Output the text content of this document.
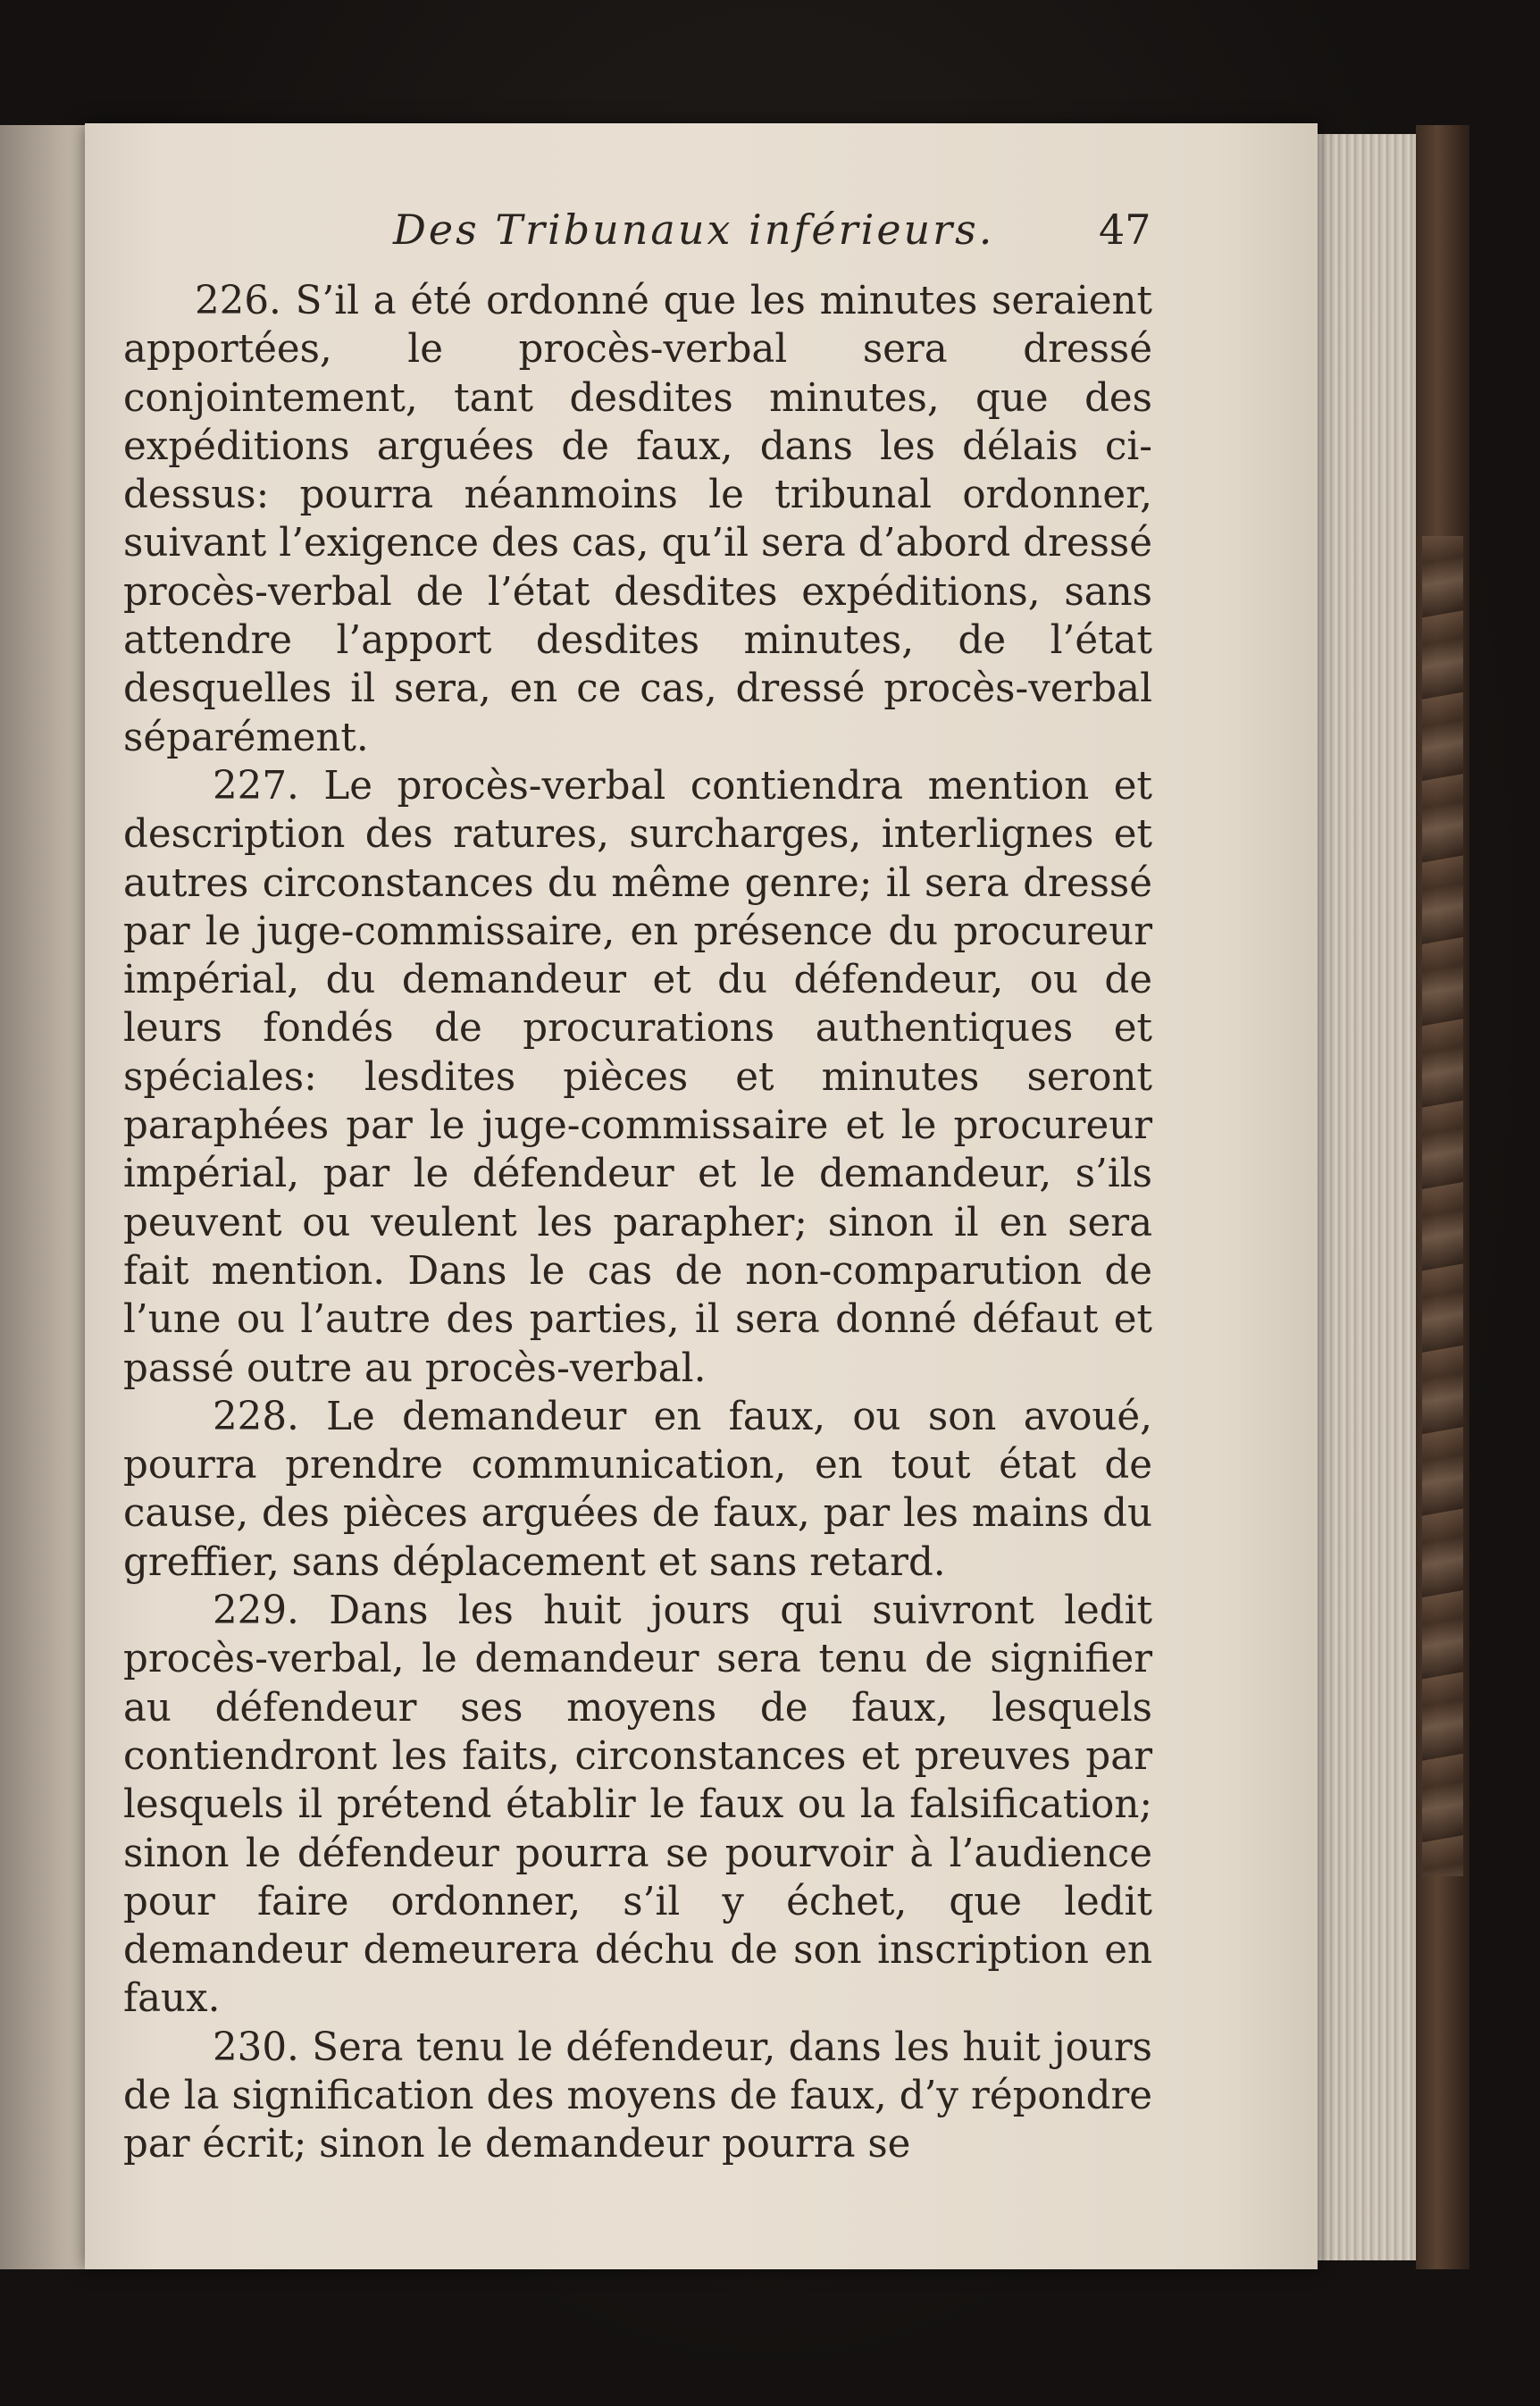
Des Tribunaux inférieurs.	47

226. S’il a été ordonné que les minutes seraient apportées, le procès-verbal sera dressé conjointement, tant desdites minutes, que des expéditions arguées de faux, dans les délais ci-dessus: pourra néanmoins le tribunal ordonner, suivant l’exigence des cas, qu’il sera d’abord dressé procès-verbal de l’état desdites expéditions, sans attendre l’apport desdites minutes, de l’état desquelles il sera, en ce cas, dressé procès-verbal séparément.

227. Le procès-verbal contiendra mention et description des ratures, surcharges, interlignes et autres circonstances du même genre; il sera dressé par le juge-commissaire, en présence du procureur impérial, du demandeur et du défendeur, ou de leurs fondés de procurations authentiques et spéciales: lesdites pièces et minutes seront paraphées par le juge-commissaire et le procureur impérial, par le défendeur et le demandeur, s’ils peuvent ou veulent les parapher; sinon il en sera fait mention. Dans le cas de non-comparution de l’une ou l’autre des parties, il sera donné défaut et passé outre au procès-verbal.

228. Le demandeur en faux, ou son avoué, pourra prendre communication, en tout état de cause, des pièces arguées de faux, par les mains du greffier, sans déplacement et sans retard.

229. Dans les huit jours qui suivront ledit procès-verbal, le demandeur sera tenu de signifier au défendeur ses moyens de faux, lesquels contiendront les faits, circonstances et preuves par lesquels il prétend établir le faux ou la falsification; sinon le défendeur pourra se pourvoir à l’audience pour faire ordonner, s’il y échet, que ledit demandeur demeurera déchu de son inscription en faux.

230. Sera tenu le défendeur, dans les huit jours de la signification des moyens de faux, d’y répondre par écrit; sinon le demandeur pourra se
